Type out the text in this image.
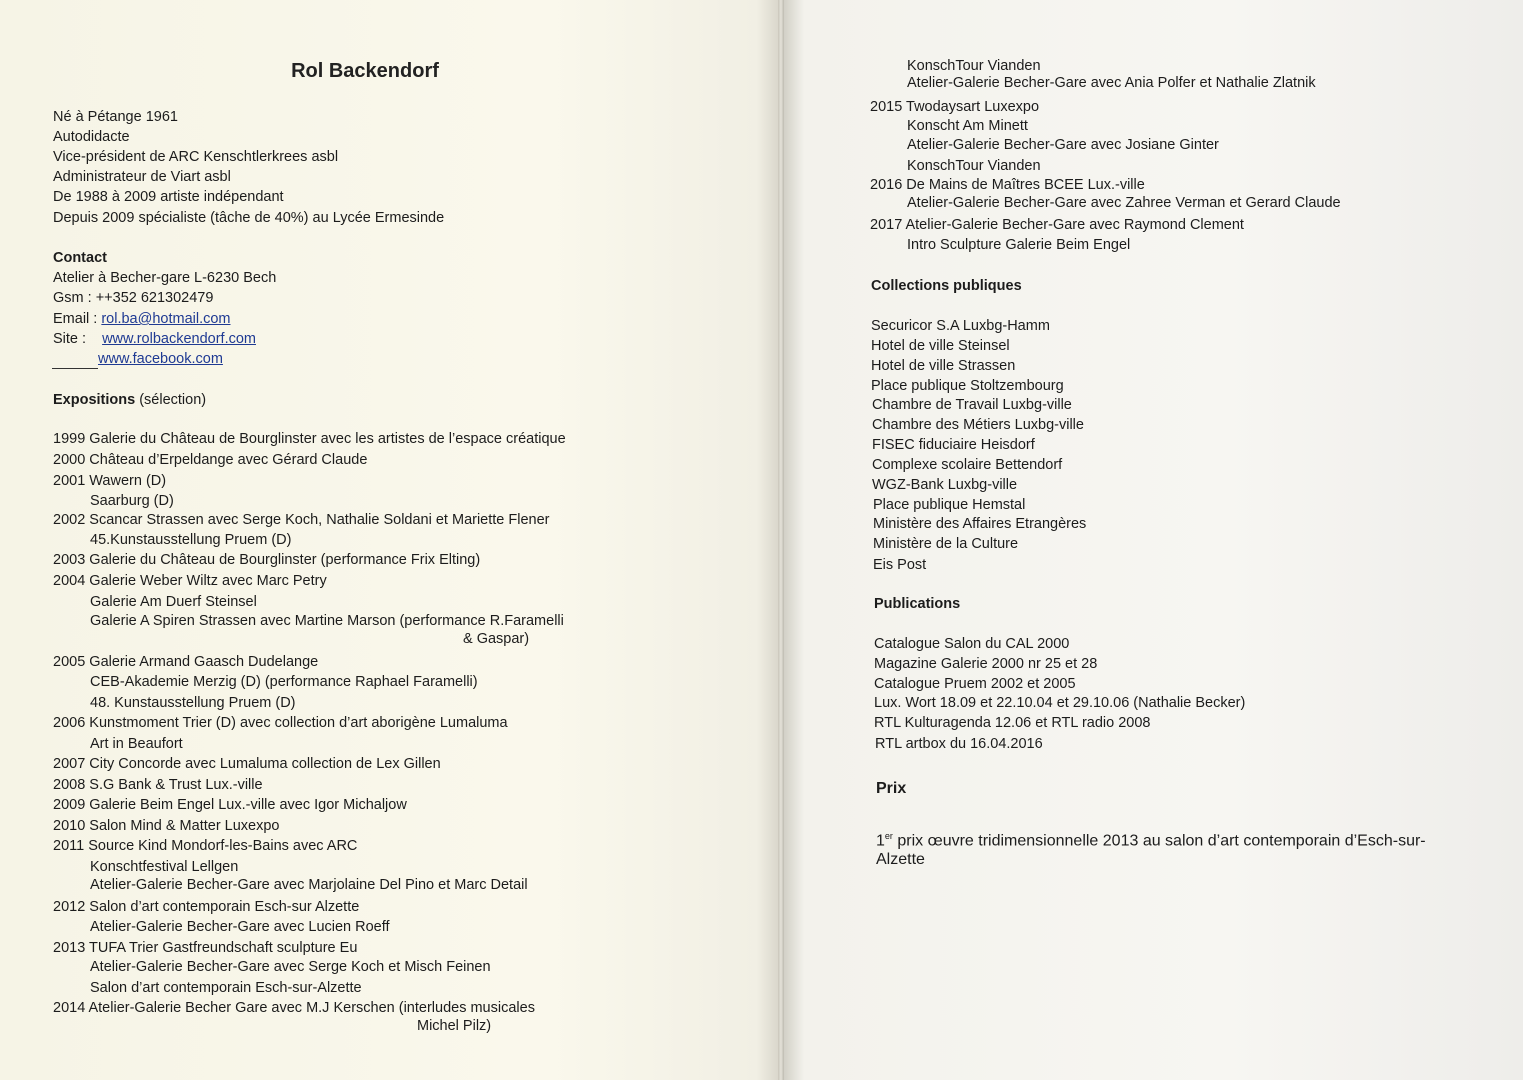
Rol Backendorf
Né à Pétange 1961
Autodidacte
Vice-président de ARC Kenschtlerkrees asbl
Administrateur de Viart asbl
De 1988 à 2009 artiste indépendant
Depuis 2009 spécialiste (tâche de 40%) au Lycée Ermesinde
Contact
Atelier à Becher-gare L-6230 Bech
Gsm : ++352 621302479
Email : rol.ba@hotmail.com
Site : www.rolbackendorf.com
www.facebook.com
Expositions (sélection)
1999 Galerie du Château de Bourglinster avec les artistes de l’espace créatique
2000 Château d’Erpeldange avec Gérard Claude
2001 Wawern (D)
Saarburg (D)
2002 Scancar Strassen avec Serge Koch, Nathalie Soldani et Mariette Flener
45.Kunstausstellung Pruem (D)
2003 Galerie du Château de Bourglinster (performance Frix Elting)
2004 Galerie Weber Wiltz avec Marc Petry
Galerie Am Duerf Steinsel
Galerie A Spiren Strassen avec Martine Marson (performance R.Faramelli
& Gaspar)
2005 Galerie Armand Gaasch Dudelange
CEB-Akademie Merzig (D) (performance Raphael Faramelli)
48. Kunstausstellung Pruem (D)
2006 Kunstmoment Trier (D) avec collection d’art aborigène Lumaluma
Art in Beaufort
2007 City Concorde avec Lumaluma collection de Lex Gillen
2008 S.G Bank & Trust Lux.-ville
2009 Galerie Beim Engel Lux.-ville avec Igor Michaljow
2010 Salon Mind & Matter Luxexpo
2011 Source Kind Mondorf-les-Bains avec ARC
Konschtfestival Lellgen
Atelier-Galerie Becher-Gare avec Marjolaine Del Pino et Marc Detail
2012 Salon d’art contemporain Esch-sur Alzette
Atelier-Galerie Becher-Gare avec Lucien Roeff
2013 TUFA Trier Gastfreundschaft sculpture Eu
Atelier-Galerie Becher-Gare avec Serge Koch et Misch Feinen
Salon d’art contemporain Esch-sur-Alzette
2014 Atelier-Galerie Becher Gare avec M.J Kerschen (interludes musicales
Michel Pilz)
KonschTour Vianden
Atelier-Galerie Becher-Gare avec Ania Polfer et Nathalie Zlatnik
2015 Twodaysart Luxexpo
Konscht Am Minett
Atelier-Galerie Becher-Gare avec Josiane Ginter
KonschTour Vianden
2016 De Mains de Maîtres BCEE Lux.-ville
Atelier-Galerie Becher-Gare avec Zahree Verman et Gerard Claude
2017 Atelier-Galerie Becher-Gare avec Raymond Clement
Intro Sculpture Galerie Beim Engel
Collections publiques
Securicor S.A Luxbg-Hamm
Hotel de ville Steinsel
Hotel de ville Strassen
Place publique Stoltzembourg
Chambre de Travail Luxbg-ville
Chambre des Métiers Luxbg-ville
FISEC fiduciaire Heisdorf
Complexe scolaire Bettendorf
WGZ-Bank Luxbg-ville
Place publique Hemstal
Ministère des Affaires Etrangères
Ministère de la Culture
Eis Post
Publications
Catalogue Salon du CAL 2000
Magazine Galerie 2000 nr 25 et 28
Catalogue Pruem 2002 et 2005
Lux. Wort 18.09 et 22.10.04 et 29.10.06 (Nathalie Becker)
RTL Kulturagenda 12.06 et RTL radio 2008
RTL artbox du 16.04.2016
Prix
1er prix œuvre tridimensionnelle 2013 au salon d’art contemporain d’Esch-sur-
Alzette
